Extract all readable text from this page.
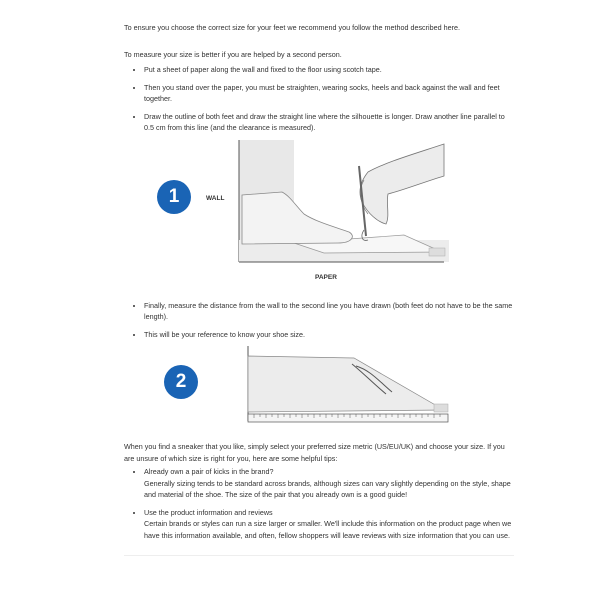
To ensure you choose the correct size for your feet we recommend you follow the method described here.

To measure your size is better if you are helped by a second person.

• Put a sheet of paper along the wall and fixed to the floor using scotch tape.
• Then you stand over the paper, you must be straighten, wearing socks, heels and back against the wall and feet together.
• Draw the outline of both feet and draw the straight line where the silhouette is longer. Draw another line parallel to 0.5 cm from this line (and the clearance is measured).
1	WALL
PAPER
• Finally, measure the distance from the wall to the second line you have drawn (both feet do not have to be the same length).
• This will be your reference to know your shoe size.
2

When you find a sneaker that you like, simply select your preferred size metric (US/EU/UK) and choose your size. If you are unsure of which size is right for you, here are some helpful tips:

• Already own a pair of kicks in the brand?
Generally sizing tends to be standard across brands, although sizes can vary slightly depending on the style, shape and material of the shoe. The size of the pair that you already own is a good guide!
• Use the product information and reviews
Certain brands or styles can run a size larger or smaller. We'll include this information on the product page when we have this information available, and often, fellow shoppers will leave reviews with size information that you can use.
